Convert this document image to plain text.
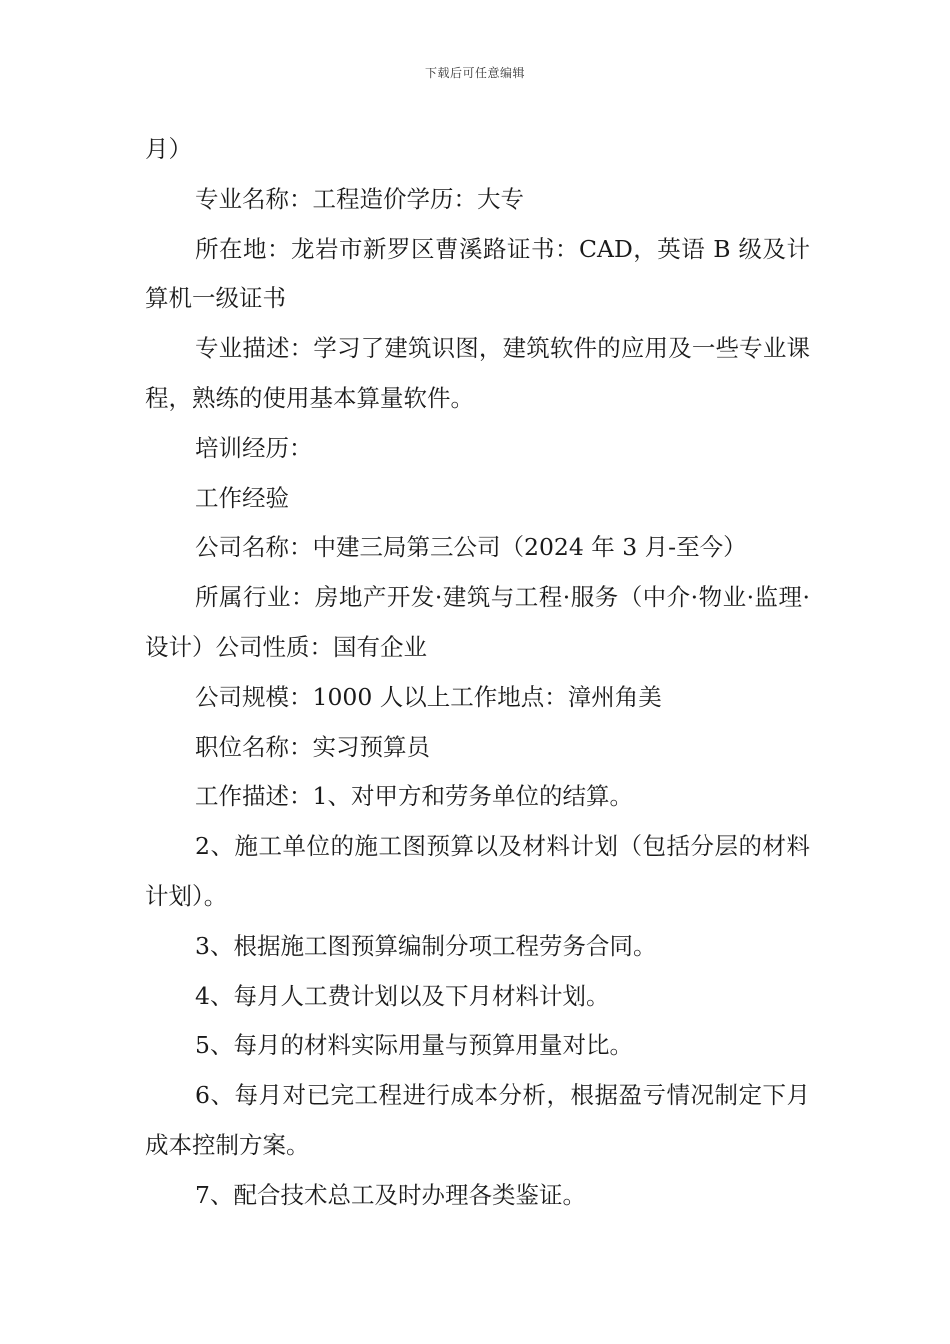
下载后可任意编辑

月）

专业名称：工程造价学历：大专

所在地：龙岩市新罗区曹溪路证书：CAD，英语 B 级及计算机一级证书

专业描述：学习了建筑识图，建筑软件的应用及一些专业课程，熟练的使用基本算量软件。

培训经历：

工作经验

公司名称：中建三局第三公司（2024 年 3 月-至今）

所属行业：房地产开发·建筑与工程·服务（中介·物业·监理·设计）公司性质：国有企业

公司规模：1000 人以上工作地点：漳州角美

职位名称：实习预算员

工作描述：1、对甲方和劳务单位的结算。

2、施工单位的施工图预算以及材料计划（包括分层的材料计划）。

3、根据施工图预算编制分项工程劳务合同。

4、每月人工费计划以及下月材料计划。

5、每月的材料实际用量与预算用量对比。

6、每月对已完工程进行成本分析，根据盈亏情况制定下月成本控制方案。

7、配合技术总工及时办理各类鉴证。
